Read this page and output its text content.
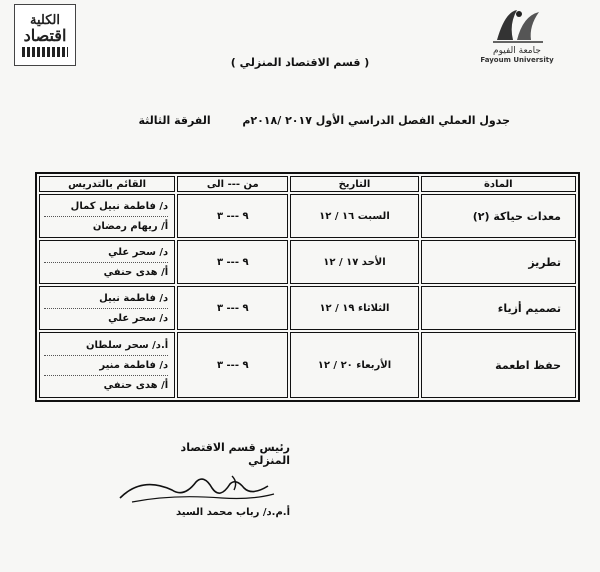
الكلية
اقتصاد
جامعة الفيوم
Fayoum University
( قسم الاقتصاد المنزلي )
جدول العملي الفصل الدراسي الأول ٢٠١٧ /٢٠١٨م  الفرقة الثالثة
المادة	التاريخ	من --- الى	القائم بالتدريس
معدات حياكة (٢)	السبت ١٦ / ١٢	٩ --- ٣	د/ فاطمة نبيل كمال
أ/ ريهام رمضان

تطريز	الأحد ١٧ / ١٢	٩ --- ٣	د/ سحر علي
أ/ هدى حنفي

تصميم أزياء	الثلاثاء ١٩ / ١٢	٩ --- ٣	د/ فاطمة نبيل
د/ سحر علي

حفظ اطعمة	الأربعاء ٢٠ / ١٢	٩ --- ٣	أ.د/ سحر سلطان
د/ فاطمة منير
أ/ هدى حنفي
رئيس قسم الاقتصاد المنزلي
أ.م.د/ رباب محمد السيد
